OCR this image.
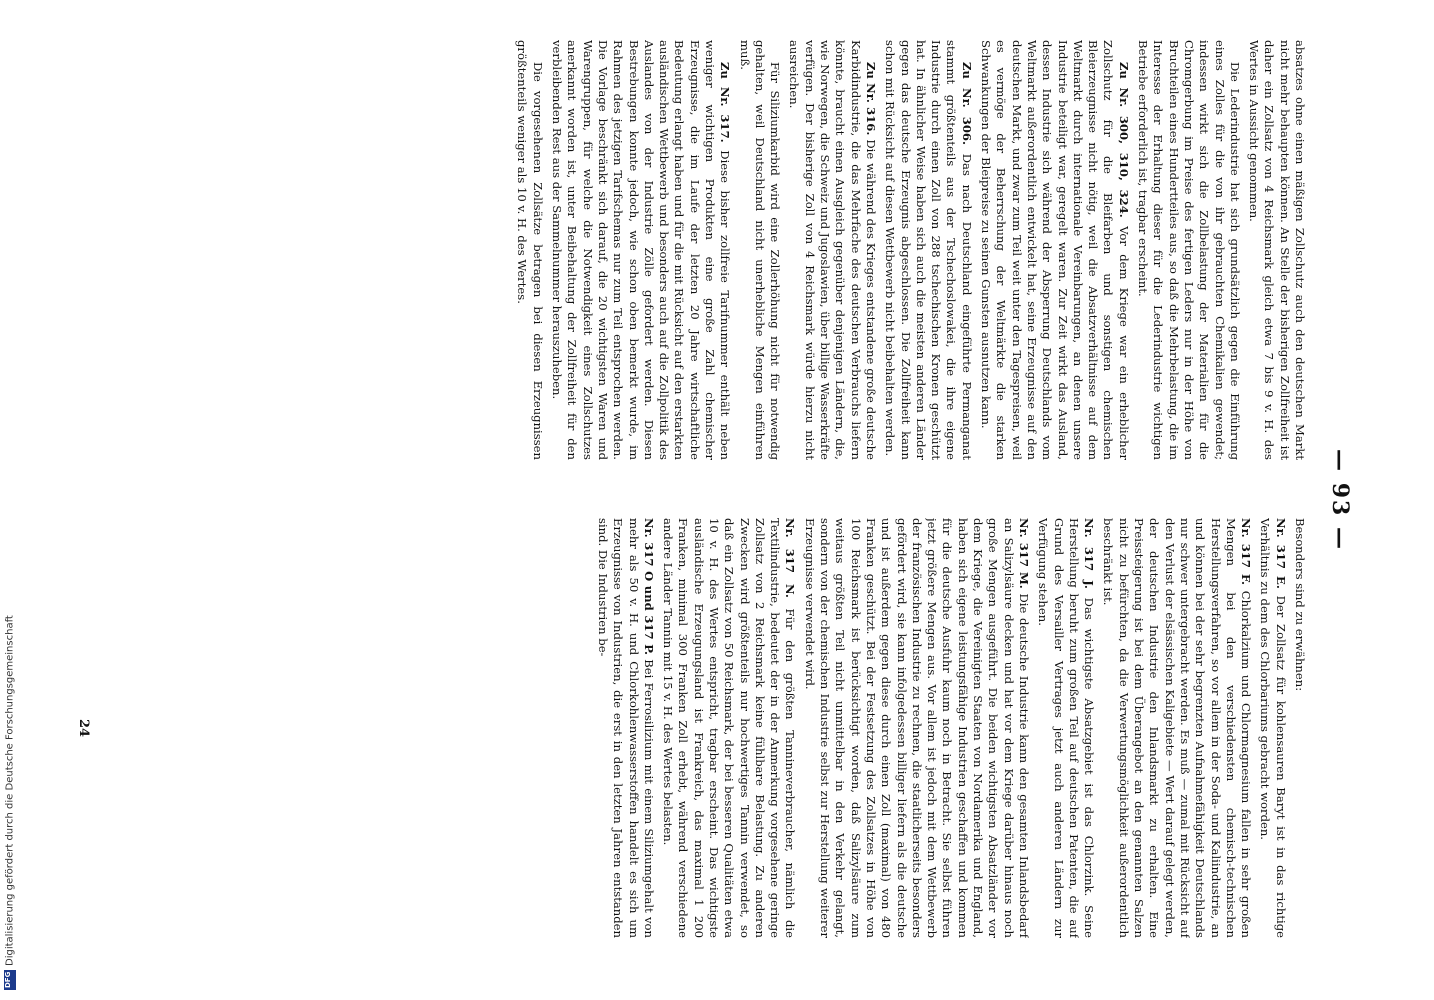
DFG
Digitalisierung gefördert durch die Deutsche Forschungsgemeinschaft
— 93 —

absatzes ohne einen mäßigen Zollschutz auch den deutschen Markt nicht mehr behaupten können. An Stelle der bisherigen Zollfreiheit ist daher ein Zollsatz von 4 Reichsmark gleich etwa 7 bis 9 v. H. des Wertes in Aussicht genommen.

Die Lederindustrie hat sich grundsätzlich gegen die Einführung eines Zolles für die von ihr gebrauchten Chemikalien gewendet; indessen wirkt sich die Zollbelastung der Materialien für die Chromgerbung im Preise des fertigen Leders nur in der Höhe von Bruchteilen eines Hundertteiles aus, so daß die Mehrbelastung, die im Interesse der Erhaltung dieser für die Lederindustrie wichtigen Betriebe erforderlich ist, tragbar erscheint.

Zu Nr. 300, 310, 324. Vor dem Kriege war ein erheblicher Zollschutz für die Bleifarben und sonstigen chemischen Bleierzeugnisse nicht nötig, weil die Absatzverhältnisse auf dem Weltmarkt durch internationale Vereinbarungen, an denen unsere Industrie beteiligt war, geregelt waren. Zur Zeit wirkt das Ausland, dessen Industrie sich während der Absperrung Deutschlands vom Weltmarkt außerordentlich entwickelt hat, seine Erzeugnisse auf den deutschen Markt, und zwar zum Teil weit unter den Tagespreisen, weil es vermöge der Beherrschung der Weltmärkte die starken Schwankungen der Bleipreise zu seinen Gunsten ausnutzen kann.

Zu Nr. 306. Das nach Deutschland eingeführte Permanganat stammt größtenteils aus der Tschechoslowakei, die ihre eigene Industrie durch einen Zoll von 288 tschechischen Kronen geschützt hat. In ähnlicher Weise haben sich auch die meisten anderen Länder gegen das deutsche Erzeugnis abgeschlossen. Die Zollfreiheit kann schon mit Rücksicht auf diesen Wettbewerb nicht beibehalten werden.

Zu Nr. 316. Die während des Krieges entstandene große deutsche Karbidindustrie, die das Mehrfache des deutschen Verbrauchs liefern könnte, braucht einen Ausgleich gegenüber denjenigen Ländern, die, wie Norwegen, die Schweiz und Jugoslawien, über billige Wasserkräfte verfügen. Der bisherige Zoll von 4 Reichsmark würde hierzu nicht ausreichen.

Für Siliziumkarbid wird eine Zollerhöhung nicht für notwendig gehalten, weil Deutschland nicht unerhebliche Mengen einführen muß.

Zu Nr. 317. Diese bisher zollfreie Tarifnummer enthält neben weniger wichtigen Produkten eine große Zahl chemischer Erzeugnisse, die im Laufe der letzten 20 Jahre wirtschaftliche Bedeutung erlangt haben und für die mit Rücksicht auf den erstarkten ausländischen Wettbewerb und besonders auch auf die Zollpolitik des Auslandes von der Industrie Zölle gefordert werden. Diesen Bestrebungen konnte jedoch, wie schon oben bemerkt wurde, im Rahmen des jetzigen Tarifschemas nur zum Teil entsprochen werden. Die Vorlage beschränkt sich darauf, die 20 wichtigsten Waren und Warengruppen, für welche die Notwendigkeit eines Zollschutzes anerkannt worden ist, unter Beibehaltung der Zollfreiheit für den verbleibenden Rest aus der Sammelnummer herauszuheben.

Die vorgesehenen Zollsätze betragen bei diesen Erzeugnissen größtenteils weniger als 10 v. H. des Wertes.

Besonders sind zu erwähnen:

Nr. 317 E. Der Zollsatz für kohlensauren Baryt ist in das richtige Verhältnis zu dem des Chlorbariums gebracht worden.

Nr. 317 F. Chlorkalzium und Chlormagnesium fallen in sehr großen Mengen bei den verschiedensten chemisch-technischen Herstellungsverfahren, so vor allem in der Soda- und Kaliindustrie, an und können bei der sehr begrenzten Aufnahmefähigkeit Deutschlands nur schwer untergebracht werden. Es muß — zumal mit Rücksicht auf den Verlust der elsässischen Kaligebiete — Wert darauf gelegt werden, der deutschen Industrie den Inlandsmarkt zu erhalten. Eine Preissteigerung ist bei dem Überangebot an den genannten Salzen nicht zu befürchten, da die Verwertungsmöglichkeit außerordentlich beschränkt ist.

Nr. 317 J. Das wichtigste Absatzgebiet ist das Chlorzink. Seine Herstellung beruht zum großen Teil auf deutschen Patenten, die auf Grund des Versailler Vertrages jetzt auch anderen Ländern zur Verfügung stehen.

Nr. 317 M. Die deutsche Industrie kann den gesamten Inlandsbedarf an Salizylsäure decken und hat vor dem Kriege darüber hinaus noch große Mengen ausgeführt. Die beiden wichtigsten Absatzländer vor dem Kriege, die Vereinigten Staaten von Nordamerika und England, haben sich eigene leistungsfähige Industrien geschaffen und kommen für die deutsche Ausfuhr kaum noch in Betracht. Sie selbst führen jetzt größere Mengen aus. Vor allem ist jedoch mit dem Wettbewerb der französischen Industrie zu rechnen, die staatlicherseits besonders gefördert wird, sie kann infolgedessen billiger liefern als die deutsche und ist außerdem gegen diese durch einen Zoll (maximal) von 480 Franken geschützt. Bei der Festsetzung des Zollsatzes in Höhe von 100 Reichsmark ist berücksichtigt worden, daß Salizylsäure zum weitaus größten Teil nicht unmittelbar in den Verkehr gelangt, sondern von der chemischen Industrie selbst zur Herstellung weiterer Erzeugnisse verwendet wird.

Nr. 317 N. Für den größten Tannineverbraucher, nämlich die Textilindustrie, bedeutet der in der Anmerkung vorgesehene geringe Zollsatz von 2 Reichsmark keine fühlbare Belastung. Zu anderen Zwecken wird größtenteils nur hochwertiges Tannin verwendet, so daß ein Zollsatz von 50 Reichsmark, der bei besseren Qualitäten etwa 10 v. H. des Wertes entspricht, tragbar erscheint. Das wichtigste ausländische Erzeugungsland ist Frankreich, das maximal 1 200 Franken, minimal 300 Franken Zoll erhebt, während verschiedene andere Länder Tannin mit 15 v. H. des Wertes belasten.

Nr. 317 O und 317 P. Bei Ferrosilizium mit einem Siliziumgehalt von mehr als 50 v. H. und Chlorkohlenwasserstoffen handelt es sich um Erzeugnisse von Industrien, die erst in den letzten Jahren entstanden sind. Die Industrien be-

24
